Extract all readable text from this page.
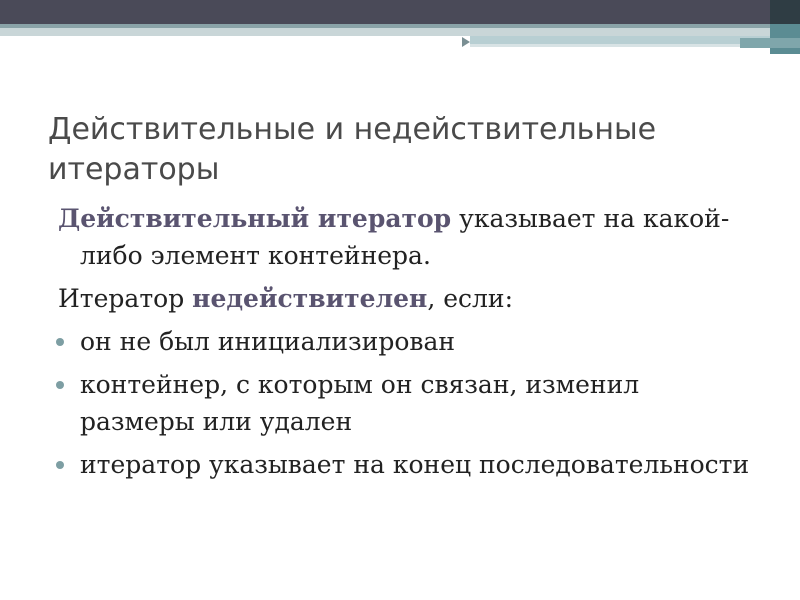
Действительные и недействительные итераторы

Действительный итератор указывает на какой-либо элемент контейнера.

Итератор недействителен, если:

он не был инициализирован
контейнер, с которым он связан, изменил размеры или удален
итератор указывает на конец последовательности
